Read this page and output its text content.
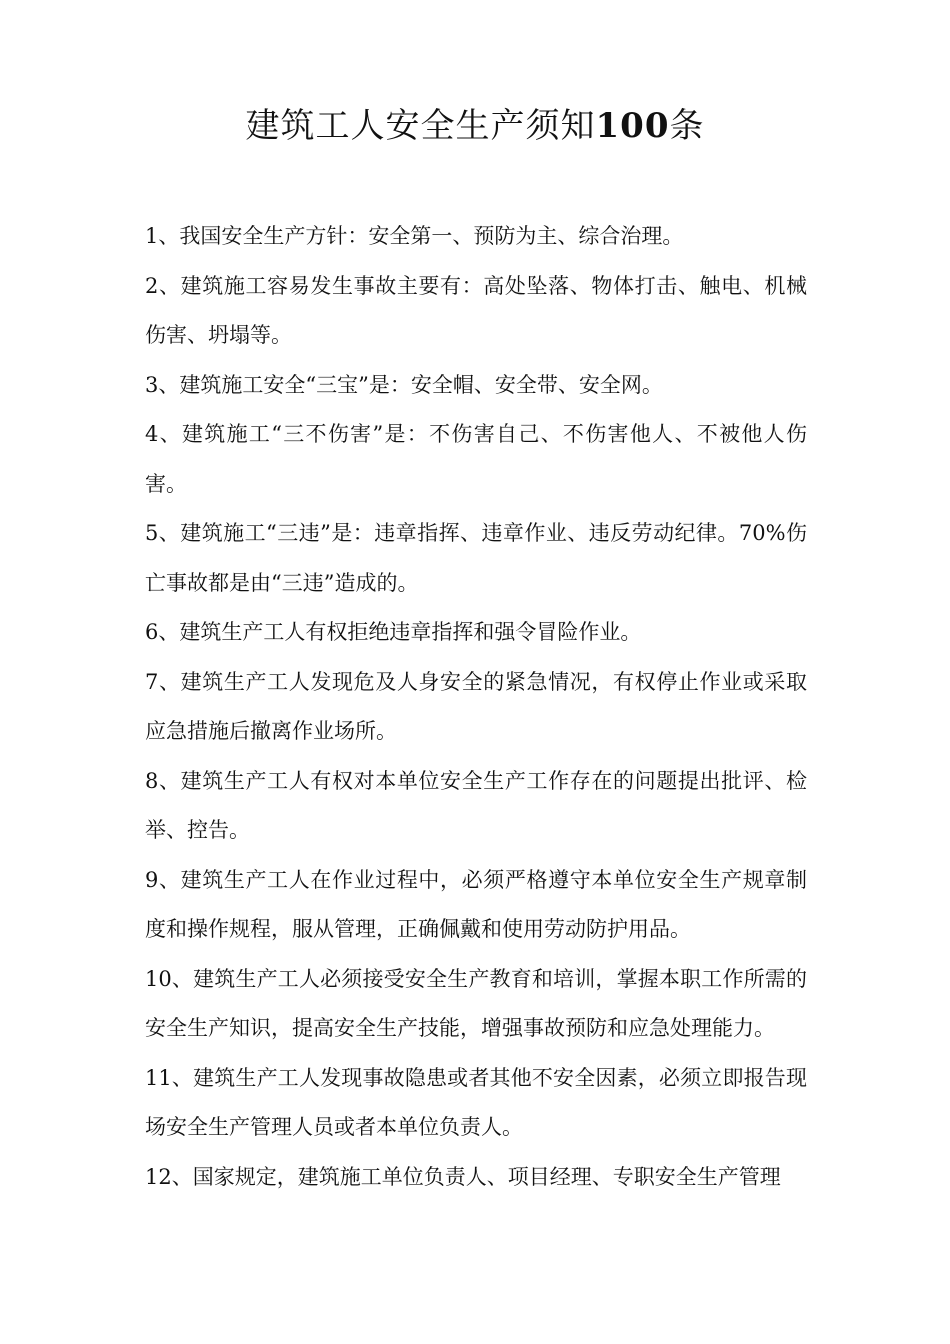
建筑工人安全生产须知100条

1、我国安全生产方针：安全第一、预防为主、综合治理。

2、建筑施工容易发生事故主要有：高处坠落、物体打击、触电、机械伤害、坍塌等。

3、建筑施工安全“三宝”是：安全帽、安全带、安全网。

4、建筑施工“三不伤害”是：不伤害自己、不伤害他人、不被他人伤害。

5、建筑施工“三违”是：违章指挥、违章作业、违反劳动纪律。70%伤亡事故都是由“三违”造成的。

6、建筑生产工人有权拒绝违章指挥和强令冒险作业。

7、建筑生产工人发现危及人身安全的紧急情况，有权停止作业或采取应急措施后撤离作业场所。

8、建筑生产工人有权对本单位安全生产工作存在的问题提出批评、检举、控告。

9、建筑生产工人在作业过程中，必须严格遵守本单位安全生产规章制度和操作规程，服从管理，正确佩戴和使用劳动防护用品。

10、建筑生产工人必须接受安全生产教育和培训，掌握本职工作所需的安全生产知识，提高安全生产技能，增强事故预防和应急处理能力。

11、建筑生产工人发现事故隐患或者其他不安全因素，必须立即报告现场安全生产管理人员或者本单位负责人。

12、国家规定，建筑施工单位负责人、项目经理、专职安全生产管理
